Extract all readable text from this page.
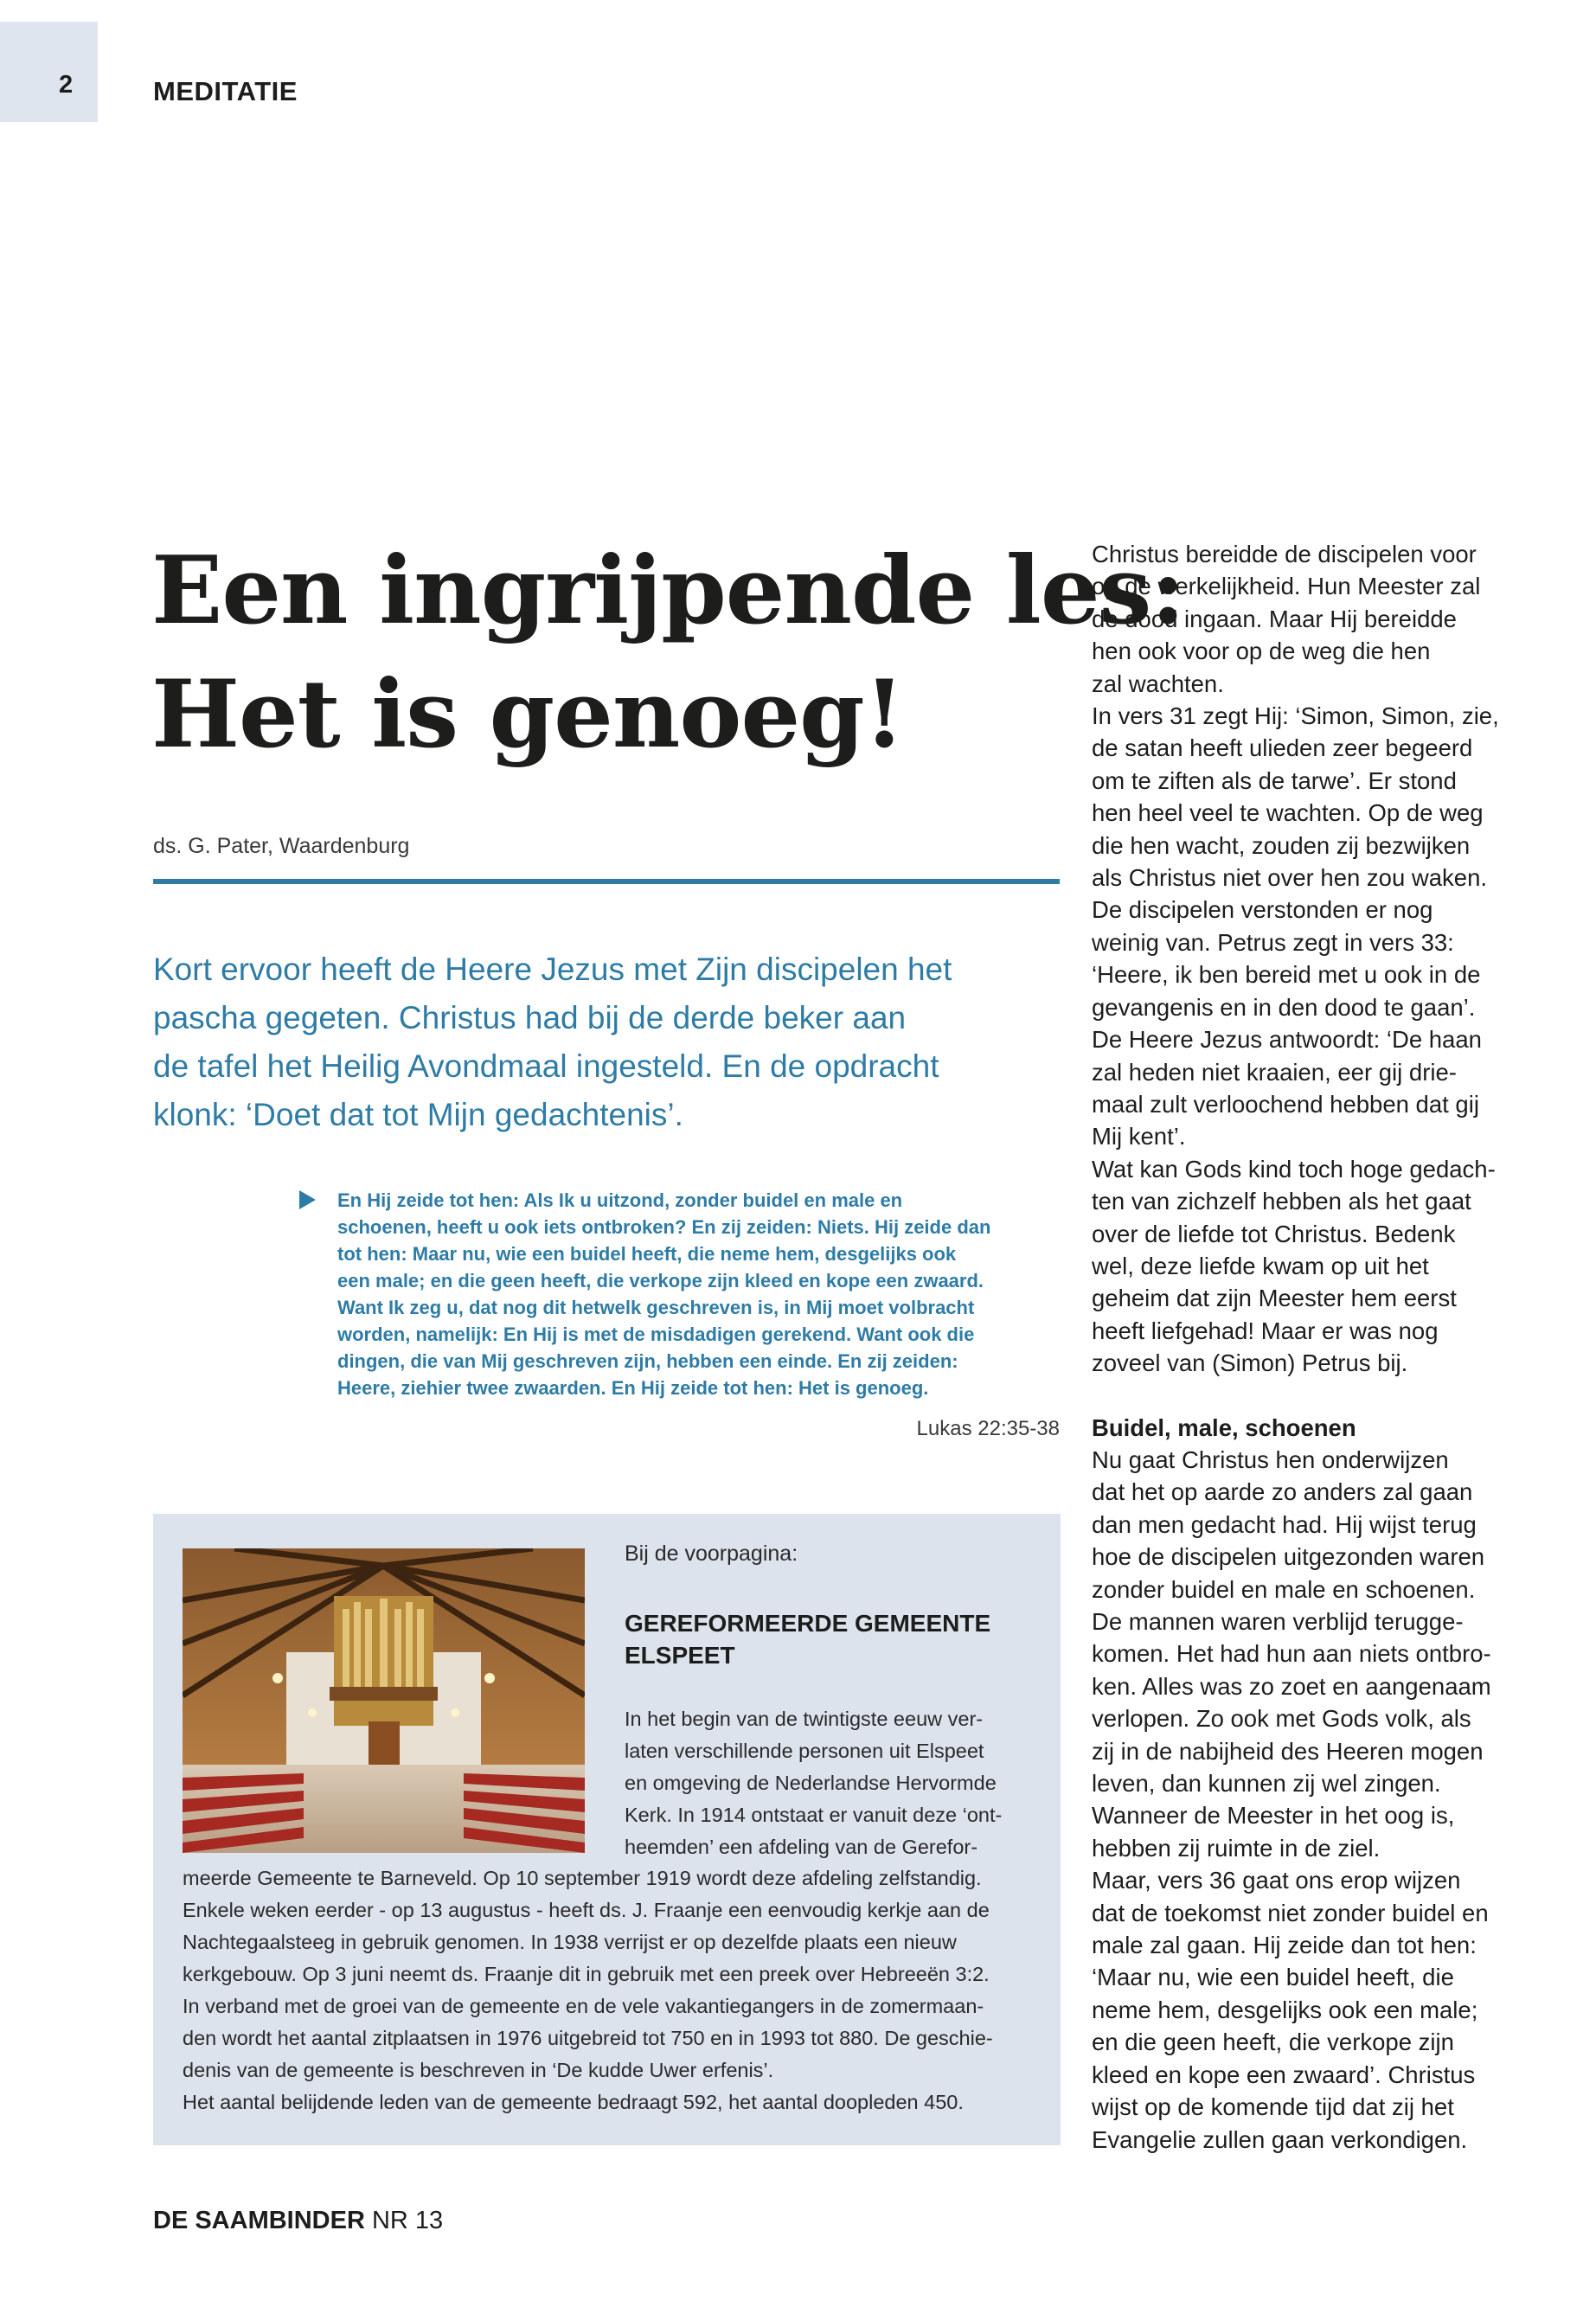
2	MEDITATIE
Een ingrijpende les:
Het is genoeg!
ds. G. Pater, Waardenburg
Kort ervoor heeft de Heere Jezus met Zijn discipelen het
pascha gegeten. Christus had bij de derde beker aan
de tafel het Heilig Avondmaal ingesteld. En de opdracht
klonk: ‘Doet dat tot Mijn gedachtenis’.
En Hij zeide tot hen: Als Ik u uitzond, zonder buidel en male en
schoenen, heeft u ook iets ontbroken? En zij zeiden: Niets. Hij zeide dan
tot hen: Maar nu, wie een buidel heeft, die neme hem, desgelijks ook
een male; en die geen heeft, die verkope zijn kleed en kope een zwaard.
Want Ik zeg u, dat nog dit hetwelk geschreven is, in Mij moet volbracht
worden, namelijk: En Hij is met de misdadigen gerekend. Want ook die
dingen, die van Mij geschreven zijn, hebben een einde. En zij zeiden:
Heere, ziehier twee zwaarden. En Hij zeide tot hen: Het is genoeg.
Lukas 22:35-38
Bij de voorpagina:
GEREFORMEERDE GEMEENTE
ELSPEET
In het begin van de twintigste eeuw ver-
laten verschillende personen uit Elspeet
en omgeving de Nederlandse Hervormde
Kerk. In 1914 ontstaat er vanuit deze ‘ont-
heemden’ een afdeling van de Gerefor-
meerde Gemeente te Barneveld. Op 10 september 1919 wordt deze afdeling zelfstandig.
Enkele weken eerder - op 13 augustus - heeft ds. J. Fraanje een eenvoudig kerkje aan de
Nachtegaalsteeg in gebruik genomen. In 1938 verrijst er op dezelfde plaats een nieuw
kerkgebouw. Op 3 juni neemt ds. Fraanje dit in gebruik met een preek over Hebreeën 3:2.
In verband met de groei van de gemeente en de vele vakantiegangers in de zomermaan-
den wordt het aantal zitplaatsen in 1976 uitgebreid tot 750 en in 1993 tot 880. De geschie-
denis van de gemeente is beschreven in ‘De kudde Uwer erfenis’.
Het aantal belijdende leden van de gemeente bedraagt 592, het aantal doopleden 450.
Christus bereidde de discipelen voor
op de werkelijkheid. Hun Meester zal
de dood ingaan. Maar Hij bereidde
hen ook voor op de weg die hen
zal wachten.
In vers 31 zegt Hij: ‘Simon, Simon, zie,
de satan heeft ulieden zeer begeerd
om te ziften als de tarwe’. Er stond
hen heel veel te wachten. Op de weg
die hen wacht, zouden zij bezwijken
als Christus niet over hen zou waken.
De discipelen verstonden er nog
weinig van. Petrus zegt in vers 33:
‘Heere, ik ben bereid met u ook in de
gevangenis en in den dood te gaan’.
De Heere Jezus antwoordt: ‘De haan
zal heden niet kraaien, eer gij drie-
maal zult verloochend hebben dat gij
Mij kent’.
Wat kan Gods kind toch hoge gedach-
ten van zichzelf hebben als het gaat
over de liefde tot Christus. Bedenk
wel, deze liefde kwam op uit het
geheim dat zijn Meester hem eerst
heeft liefgehad! Maar er was nog
zoveel van (Simon) Petrus bij.
Buidel, male, schoenen
Nu gaat Christus hen onderwijzen
dat het op aarde zo anders zal gaan
dan men gedacht had. Hij wijst terug
hoe de discipelen uitgezonden waren
zonder buidel en male en schoenen.
De mannen waren verblijd terugge-
komen. Het had hun aan niets ontbro-
ken. Alles was zo zoet en aangenaam
verlopen. Zo ook met Gods volk, als
zij in de nabijheid des Heeren mogen
leven, dan kunnen zij wel zingen.
Wanneer de Meester in het oog is,
hebben zij ruimte in de ziel.
Maar, vers 36 gaat ons erop wijzen
dat de toekomst niet zonder buidel en
male zal gaan. Hij zeide dan tot hen:
‘Maar nu, wie een buidel heeft, die
neme hem, desgelijks ook een male;
en die geen heeft, die verkope zijn
kleed en kope een zwaard’. Christus
wijst op de komende tijd dat zij het
Evangelie zullen gaan verkondigen.
DE SAAMBINDER NR 13
